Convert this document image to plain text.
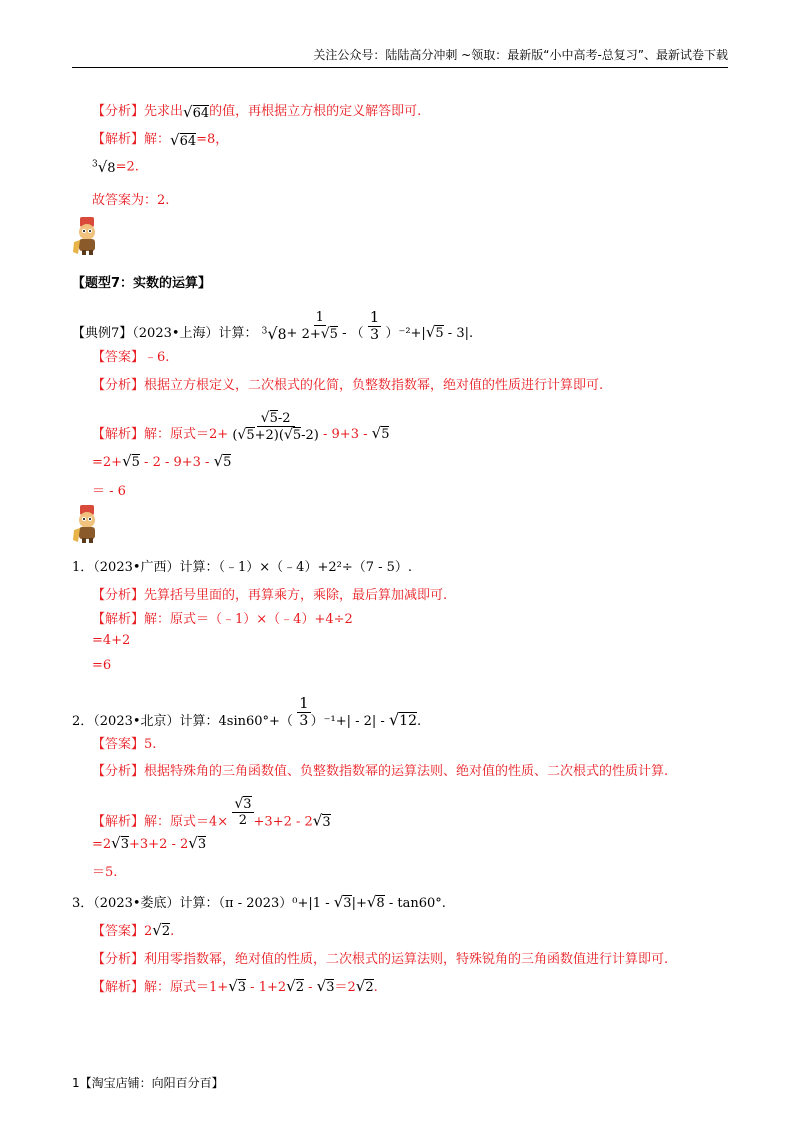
关注公众号：陆陆高分冲刺 ~领取：最新版“小中高考-总复习”、最新试卷下载
【分析】先求出√64的值，再根据立方根的定义解答即可.
【解析】解：√64=8，
$^3$√8=2.
故答案为：2.
【题型7：实数的运算】
【典例7】（2023•上海）计算： $^3√8+ \frac{1}{2+√5}$ - （ $\frac{1}{3} )^{-2}+|√5 - 3|$.
【答案】﹣6.
【分析】根据立方根定义，二次根式的化简，负整数指数幂，绝对值的性质进行计算即可.
【解析】解：原式$=2+ \frac{√5-2}{(√5+2)(√5-2)} - 9+3 - √5$
=2+√5 - 2 - 9+3 - √5
＝ - 6
1．（2023•广西）计算：（﹣1）×（﹣4）+2²÷（7 - 5）.
【分析】先算括号里面的，再算乘方，乘除，最后算加减即可.
【解析】解：原式＝（﹣1）×（﹣4）+4÷2
=4+2
=6
2．（2023•北京）计算：$4\sin 60^\circ+( \frac{1}{3} )^{-1}+| - 2| - √12$.
【答案】5.
【分析】根据特殊角的三角函数值、负整数指数幂的运算法则、绝对值的性质、二次根式的性质计算.
【解析】解：原式$=4\times \frac{√3}{2} +3+2 - 2√3$
=2√3+3+2 - 2√3
＝5.
3．（2023•娄底）计算：（π - 2023）⁰+|1 - √3|+√8 - tan60°.
【答案】2√2.
【分析】利用零指数幂，绝对值的性质，二次根式的运算法则，特殊锐角的三角函数值进行计算即可.
【解析】解：原式＝1+√3 - 1+2√2 - √3＝2√2.
1【淘宝店铺：向阳百分百】
